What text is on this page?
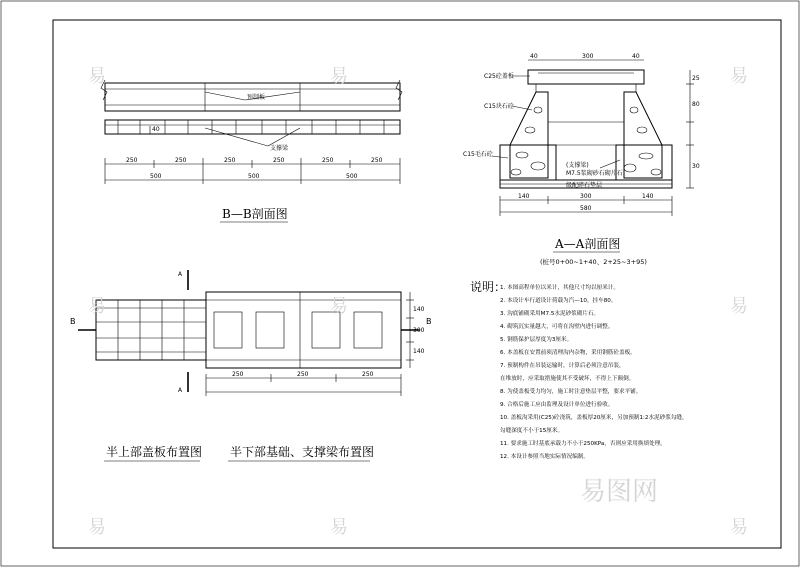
预制板
支撑梁
40
250	250	250	250	250	250
500	500	500
B—B剖面图
C25砼盖板
C15块石砼
C15毛石砼
(支撑梁)
M7.5浆砌砂石砌片石
级配碎石垫层
40	300	40
25
80
30
140	300	140
580
A—A剖面图
(桩号0+00~1+40、2+25~3+95)
B	B
A
A
250	250	250
140
300
140
半上部盖板布置图 半下部基础、支撑梁布置图
说明：
1. 本图高程单位以米计，其他尺寸均以厘米计。
2. 本设计车行道设计荷载为汽—10，挂车80。
3. 沟底铺砌采用M7.5水泥砂浆砌片石。
4. 砌筑沉实量越大，可将在沟壁内进行调整。
5. 钢筋保护层厚度为3厘米。
6. 本盖板在安置前须清理沟内杂物，采用钢筋砼盖板。
7. 预制构件在吊装运输时，计算后必须注意吊装，
在堆放时，应采取措施使其不受破坏，不得上下颠倒。
8. 为使盖板受力均匀，施工时注意垫层平整，要求平铺。
9. 合格后施工应由监理及设计单位进行验收。
10. 盖板沟采用(C25)砼浇筑，盖板厚20厘米，另加预制1:2水泥砂浆勾缝，
勾缝深度不小于15厘米。
11. 要求施工时基底承载力不小于250KPa，否则应采用换填处理。
12. 本设计参照当地实际情况编制。
易
易
易
易
易
易
易
易
易
易图网
